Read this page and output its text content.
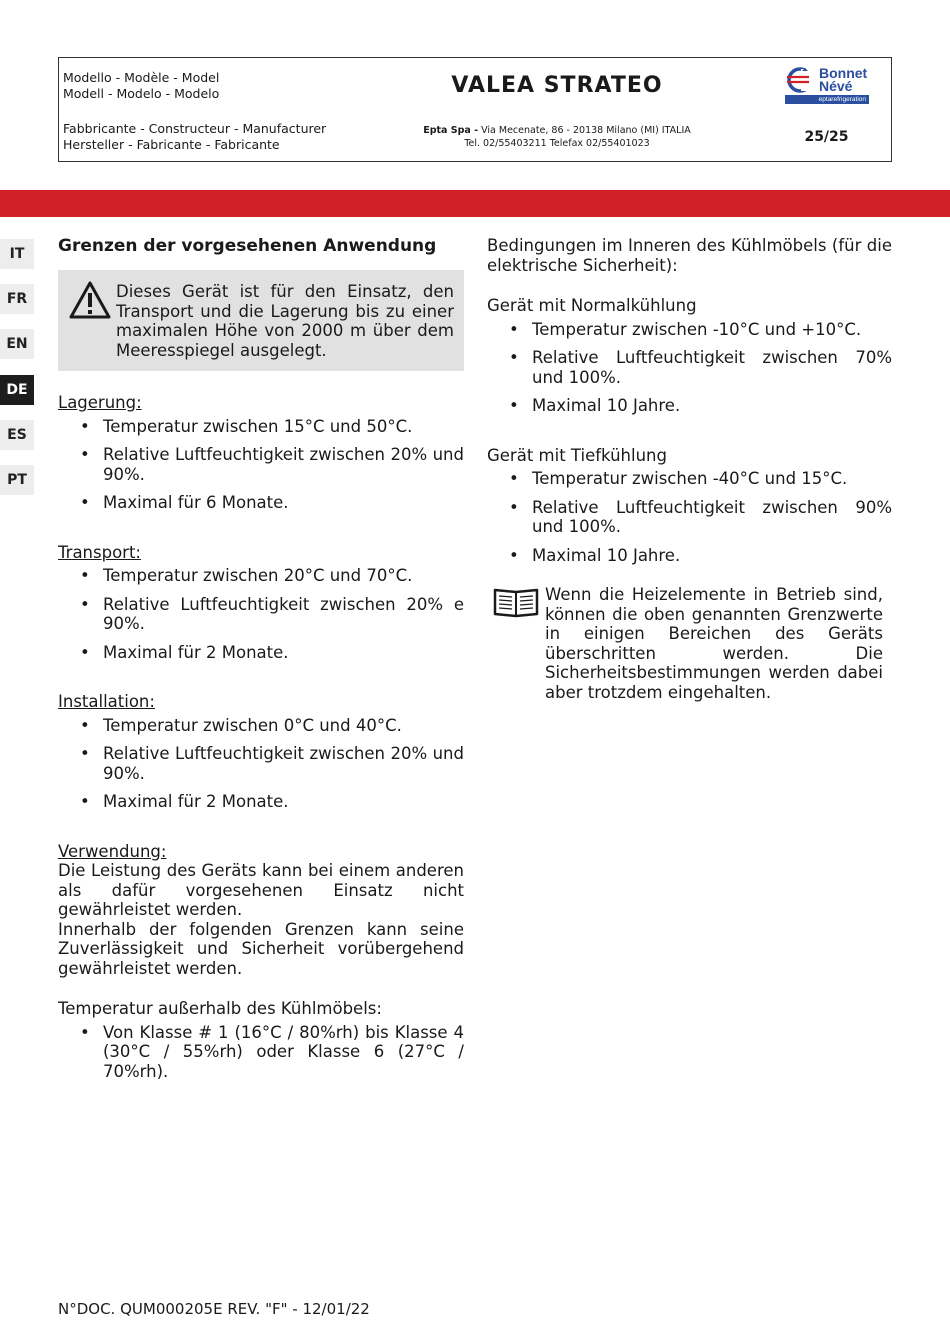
Modello - Modèle - Model
Modell - Modelo - Modelo	VALEA STRATEO	Bonnet
Névé
eptarefrigeration
Fabbricante - Constructeur - Manufacturer
Hersteller - Fabricante - Fabricante
Epta Spa - Via Mecenate, 86 - 20138 Milano (MI) ITALIA
Tel. 02/55403211 Telefax 02/55401023	25/25
IT
FR
EN
DE
ES
PT
Grenzen der vorgesehenen Anwendung
Dieses Gerät ist für den Einsatz, den Transport und die Lagerung bis zu einer maximalen Höhe von 2000 m über dem Meeresspiegel ausgelegt.
Lagerung:
• Temperatur zwischen 15°C und 50°C.
• Relative Luftfeuchtigkeit zwischen 20% und 90%.
• Maximal für 6 Monate.
Transport:
• Temperatur zwischen 20°C und 70°C.
• Relative Luftfeuchtigkeit zwischen 20% e 90%.
• Maximal für 2 Monate.
Installation:
• Temperatur zwischen 0°C und 40°C.
• Relative Luftfeuchtigkeit zwischen 20% und 90%.
• Maximal für 2 Monate.
Verwendung:

Die Leistung des Geräts kann bei einem anderen als dafür vorgesehenen Einsatz nicht gewährleistet werden.

Innerhalb der folgenden Grenzen kann seine Zuverlässigkeit und Sicherheit vorübergehend gewährleistet werden.

Temperatur außerhalb des Kühlmöbels:
• Von Klasse # 1 (16°C / 80%rh) bis Klasse 4 (30°C / 55%rh) oder Klasse 6 (27°C / 70%rh).

Bedingungen im Inneren des Kühlmöbels (für die elektrische Sicherheit):

Gerät mit Normalkühlung
• Temperatur zwischen -10°C und +10°C.
• Relative Luftfeuchtigkeit zwischen 70% und 100%.
• Maximal 10 Jahre.
Gerät mit Tiefkühlung
• Temperatur zwischen -40°C und 15°C.
• Relative Luftfeuchtigkeit zwischen 90% und 100%.
• Maximal 10 Jahre.

Wenn die Heizelemente in Betrieb sind, können die oben genannten Grenzwerte in einigen Bereichen des Geräts überschritten werden. Die Sicherheitsbestimmungen werden dabei aber trotzdem eingehalten.

N°DOC. QUM000205E REV. "F" - 12/01/22
